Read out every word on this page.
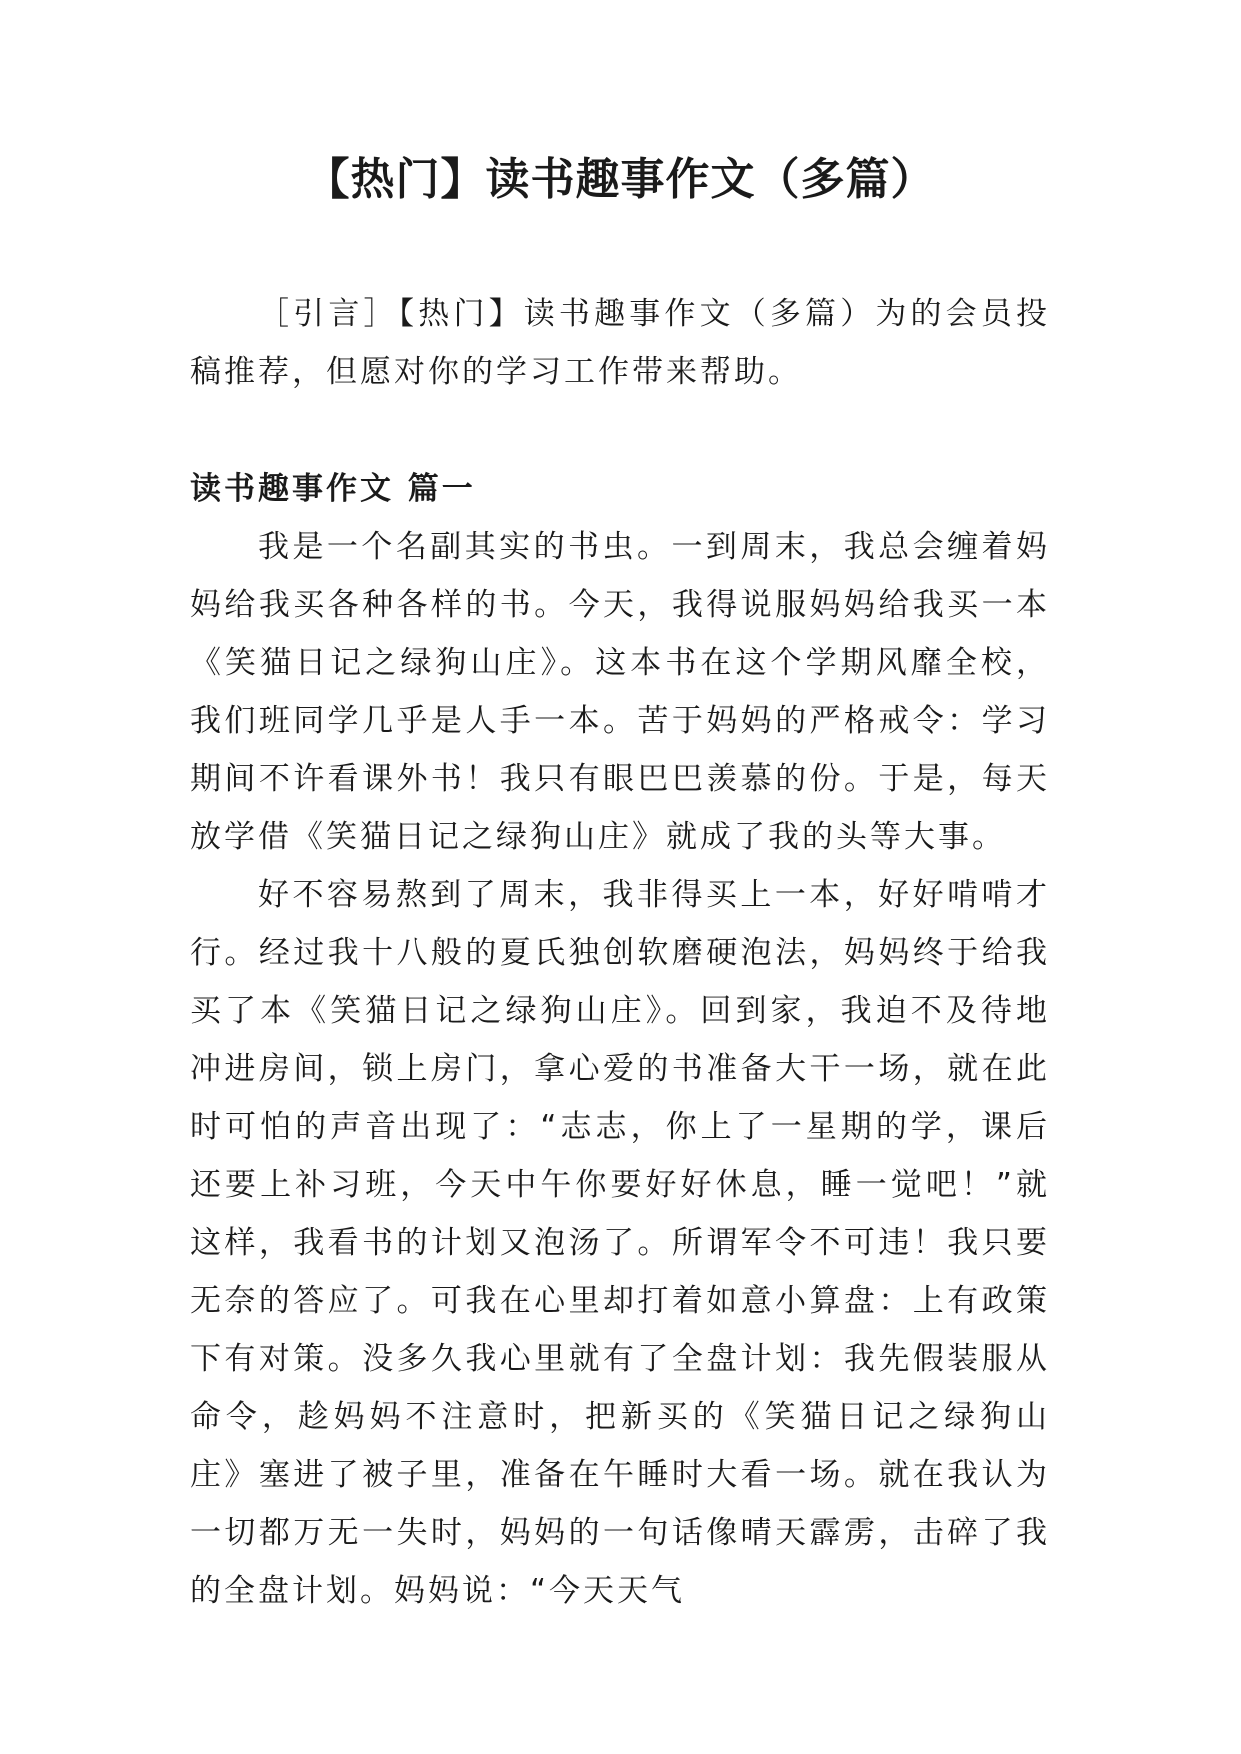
【热门】读书趣事作文（多篇）

［引言］【热门】读书趣事作文（多篇）为的会员投稿推荐，但愿对你的学习工作带来帮助。

读书趣事作文 篇一

我是一个名副其实的书虫。一到周末，我总会缠着妈妈给我买各种各样的书。今天，我得说服妈妈给我买一本《笑猫日记之绿狗山庄》。这本书在这个学期风靡全校，我们班同学几乎是人手一本。苦于妈妈的严格戒令：学习期间不许看课外书！我只有眼巴巴羡慕的份。于是，每天放学借《笑猫日记之绿狗山庄》就成了我的头等大事。

好不容易熬到了周末，我非得买上一本，好好啃啃才行。经过我十八般的夏氏独创软磨硬泡法，妈妈终于给我买了本《笑猫日记之绿狗山庄》。回到家，我迫不及待地冲进房间，锁上房门，拿心爱的书准备大干一场，就在此时可怕的声音出现了：“志志，你上了一星期的学，课后还要上补习班，今天中午你要好好休息，睡一觉吧！”就这样，我看书的计划又泡汤了。所谓军令不可违！我只要无奈的答应了。可我在心里却打着如意小算盘：上有政策下有对策。没多久我心里就有了全盘计划：我先假装服从命令，趁妈妈不注意时，把新买的《笑猫日记之绿狗山庄》塞进了被子里，准备在午睡时大看一场。就在我认为一切都万无一失时，妈妈的一句话像晴天霹雳，击碎了我的全盘计划。妈妈说：“今天天气
